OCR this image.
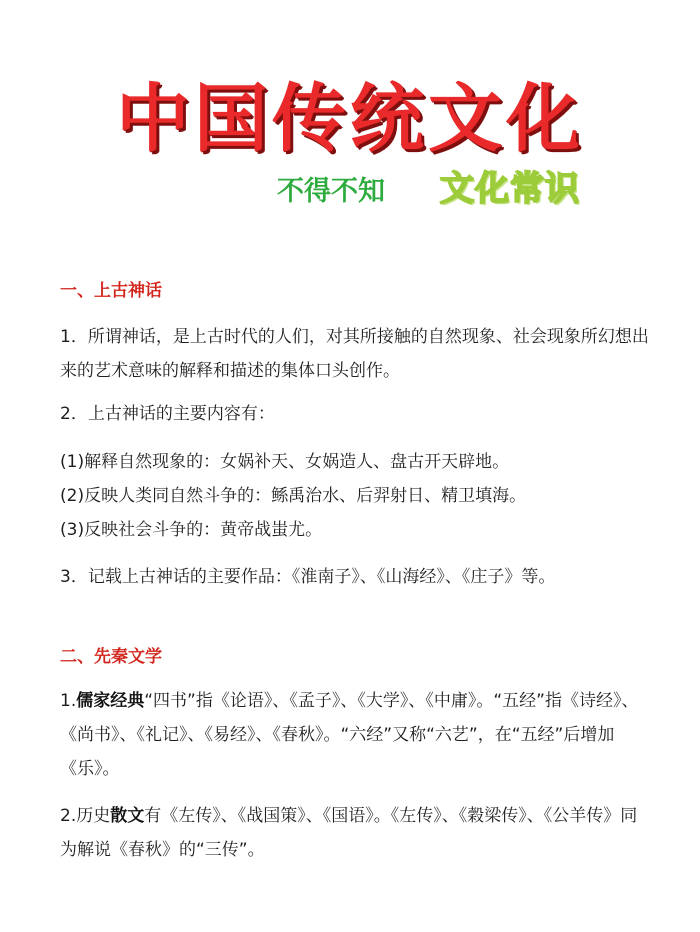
中国传统文化
不得不知 文化常识
一、上古神话
1．所谓神话，是上古时代的人们，对其所接触的自然现象、社会现象所幻想出来的艺术意味的解释和描述的集体口头创作。
2．上古神话的主要内容有：
(1)解释自然现象的：女娲补天、女娲造人、盘古开天辟地。
(2)反映人类同自然斗争的：鲧禹治水、后羿射日、精卫填海。
(3)反映社会斗争的：黄帝战蚩尤。
3．记载上古神话的主要作品：《淮南子》、《山海经》、《庄子》等。
二、先秦文学
1.儒家经典“四书”指《论语》、《孟子》、《大学》、《中庸》。“五经”指《诗经》、《尚书》、《礼记》、《易经》、《春秋》。“六经”又称“六艺”，在“五经”后增加《乐》。
2.历史散文有《左传》、《战国策》、《国语》。《左传》、《穀梁传》、《公羊传》同为解说《春秋》的“三传”。
